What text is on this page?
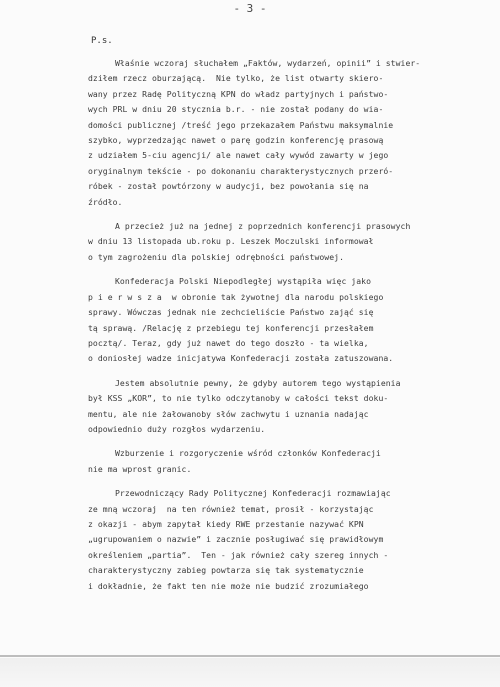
- 3 -
P.s.
Właśnie wczoraj słuchałem „Faktów, wydarzeń, opinii” i stwier-
dziłem rzecz oburzającą.  Nie tylko, że list otwarty skiero-
wany przez Radę Polityczną KPN do władz partyjnych i państwo-
wych PRL w dniu 20 stycznia b.r. - nie został podany do wia-
domości publicznej /treść jego przekazałem Państwu maksymalnie
szybko, wyprzedzając nawet o parę godzin konferencję prasową
z udziałem 5-ciu agencji/ ale nawet cały wywód zawarty w jego
oryginalnym tekście - po dokonaniu charakterystycznych przeró-
róbek - został powtórzony w audycji, bez powołania się na
źródło.
A przecież już na jednej z poprzednich konferencji prasowych
w dniu 13 listopada ub.roku p. Leszek Moczulski informował
o tym zagrożeniu dla polskiej odrębności państwowej.
Konfederacja Polski Niepodległej wystąpiła więc jako
p i e r w s z a  w obronie tak żywotnej dla narodu polskiego
sprawy. Wówczas jednak nie zechcieliście Państwo zająć się
tą sprawą. /Relację z przebiegu tej konferencji przesłałem
pocztą/. Teraz, gdy już nawet do tego doszło - ta wielka,
o doniosłej wadze inicjatywa Konfederacji została zatuszowana.
Jestem absolutnie pewny, że gdyby autorem tego wystąpienia
był KSS „KOR”, to nie tylko odczytanoby w całości tekst doku-
mentu, ale nie żałowanoby słów zachwytu i uznania nadając
odpowiednio duży rozgłos wydarzeniu.
Wzburzenie i rozgoryczenie wśród członków Konfederacji
nie ma wprost granic.
Przewodniczący Rady Politycznej Konfederacji rozmawiając
ze mną wczoraj  na ten również temat, prosił - korzystając
z okazji - abym zapytał kiedy RWE przestanie nazywać KPN
„ugrupowaniem o nazwie” i zacznie posługiwać się prawidłowym
określeniem „partia”.  Ten - jak również cały szereg innych -
charakterystyczny zabieg powtarza się tak systematycznie
i dokładnie, że fakt ten nie może nie budzić zrozumiałego
